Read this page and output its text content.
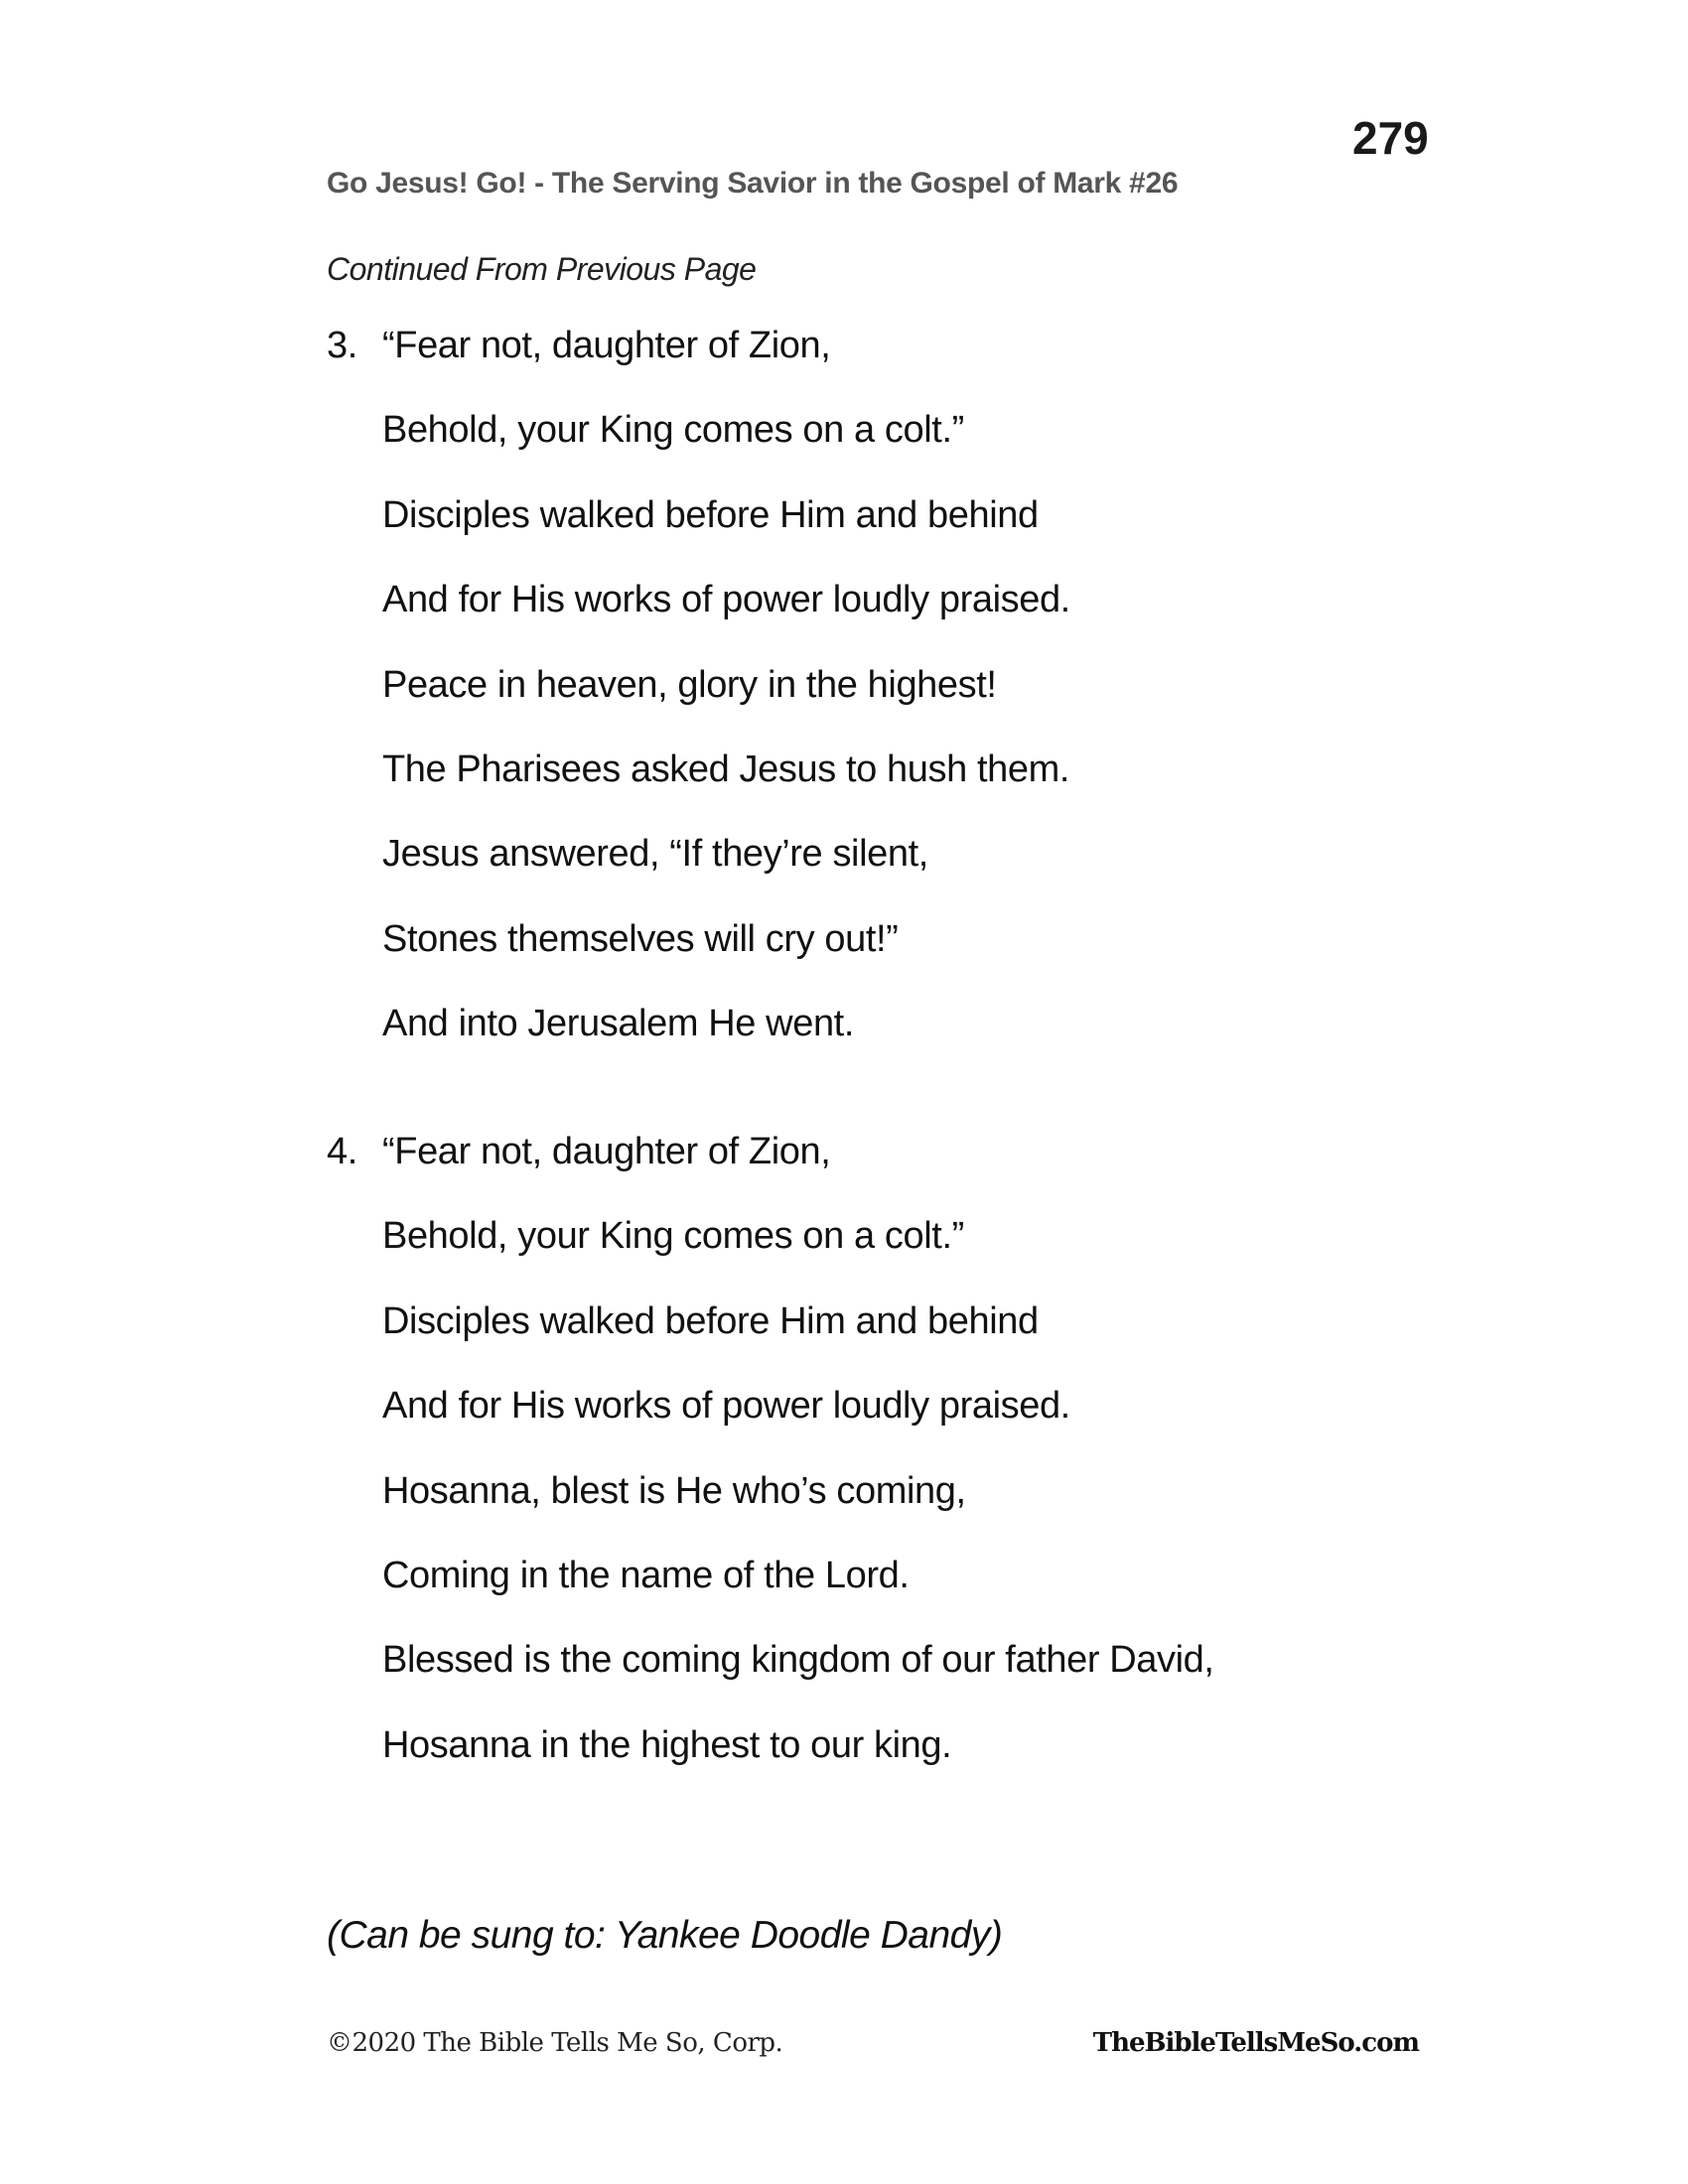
279
Go Jesus! Go! - The Serving Savior in the Gospel of Mark #26
Continued From Previous Page
3. “Fear not, daughter of Zion,
Behold, your King comes on a colt.”
Disciples walked before Him and behind
And for His works of power loudly praised.
Peace in heaven, glory in the highest!
The Pharisees asked Jesus to hush them.
Jesus answered, “If they’re silent,
Stones themselves will cry out!”
And into Jerusalem He went.
4. “Fear not, daughter of Zion,
Behold, your King comes on a colt.”
Disciples walked before Him and behind
And for His works of power loudly praised.
Hosanna, blest is He who’s coming,
Coming in the name of the Lord.
Blessed is the coming kingdom of our father David,
Hosanna in the highest to our king.
(Can be sung to: Yankee Doodle Dandy)
©2020 The Bible Tells Me So, Corp.	TheBibleTellsMeSo.com
